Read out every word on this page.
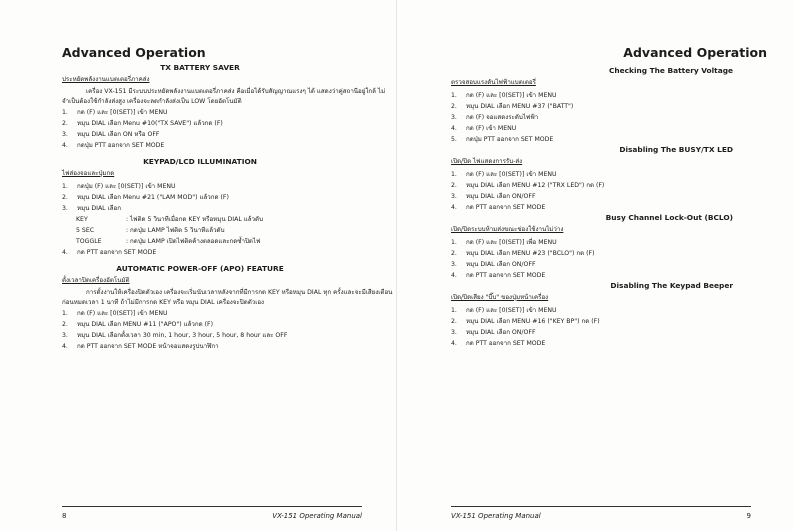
Advanced Operation
TX BATTERY SAVER
ประหยัดพลังงานแบตเตอรี่ภาคส่ง

เครื่อง VX-151 มีระบบประหยัดพลังงานแบตเตอรี่ภาคส่ง คือเมื่อได้รับสัญญาณแรงๆ ได้ แสดงว่าคู่สถานีอยู่ใกล้ ไม่จำเป็นต้องใช้กำลังส่งสูง เครื่องจะลดกำลังส่งเป็น LOW โดยอัตโนมัติ

1. กด (F) และ [0(SET)] เข้า MENU
2. หมุน DIAL เลือก Menu #10("TX SAVE") แล้วกด (F)
3. หมุน DIAL เลือก ON หรือ OFF
4. กดปุ่ม PTT ออกจาก SET MODE
KEYPAD/LCD ILLUMINATION
ไฟส่องจอและปุ่มกด
1. กดปุ่ม (F) และ [0(SET)] เข้า MENU
2. หมุน DIAL เลือก Menu #21 ("LAM MOD") แล้วกด (F)
3. หมุน DIAL เลือก
KEY	: ไฟติด 5 วินาทีเมื่อกด KEY หรือหมุน DIAL แล้วดับ
5 SEC	: กดปุ่ม LAMP ไฟติด 5 วินาทีแล้วดับ
TOGGLE	: กดปุ่ม LAMP เปิดไฟติดค้างตลอดและกดซ้ำปิดไฟ
4. กด PTT ออกจาก SET MODE
AUTOMATIC POWER-OFF (APO) FEATURE
ตั้งเวลาปิดเครื่องอัตโนมัติ

การตั้งงานให้เครื่องปิดตัวเอง เครื่องจะเริ่มนับเวลาหลังจากที่มีการกด KEY หรือหมุน DIAL ทุก ครั้งและจะมีเสียงเตือนก่อนหมดเวลา 1 นาที ถ้าไม่มีการกด KEY หรือ หมุน DIAL เครื่องจะปิดตัวเอง

1. กด (F) และ [0(SET)] เข้า MENU
2. หมุน DIAL เลือก MENU #11 ("APO") แล้วกด (F)
3. หมุน DIAL เลือกตั้งเวลา 30 min, 1 hour, 3 hour, 5 hour, 8 hour และ OFF
4. กด PTT ออกจาก SET MODE หน้าจอแสดงรูปนาฬิกา
8	VX-151 Operating Manual
Advanced Operation
Checking The Battery Voltage
ตรวจสอบแรงดันไฟฟ้าแบตเตอรี่
1. กด (F) และ [0(SET)] เข้า MENU
2. หมุน DIAL เลือก MENU #37 ("BATT")
3. กด (F) จอแสดงระดับไฟฟ้า
4. กด (F) เข้า MENU
5. กดปุ่ม PTT ออกจาก SET MODE
Disabling The BUSY/TX LED
เปิด/ปิด ไฟแสดงการรับ-ส่ง
1. กด (F) และ [0(SET)] เข้า MENU
2. หมุน DIAL เลือก MENU #12 ("TRX LED") กด (F)
3. หมุน DIAL เลือก ON/OFF
4. กด PTT ออกจาก SET MODE
Busy Channel Lock-Out (BCLO)
เปิด/ปิดระบบห้ามส่งขณะช่องใช้งานไม่ว่าง
1. กด (F) และ [0(SET)] เพื่อ MENU
2. หมุน DIAL เลือก MENU #23 ("BCLO") กด (F)
3. หมุน DIAL เลือก ON/OFF
4. กด PTT ออกจาก SET MODE
Disabling The Keypad Beeper
เปิด/ปิดเสียง "บี๊บ" ของปุ่มหน้าเครื่อง
1. กด (F) และ [0(SET)] เข้า MENU
2. หมุน DIAL เลือก MENU #16 ("KEY BP") กด (F)
3. หมุน DIAL เลือก ON/OFF
4. กด PTT ออกจาก SET MODE
VX-151 Operating Manual	9
